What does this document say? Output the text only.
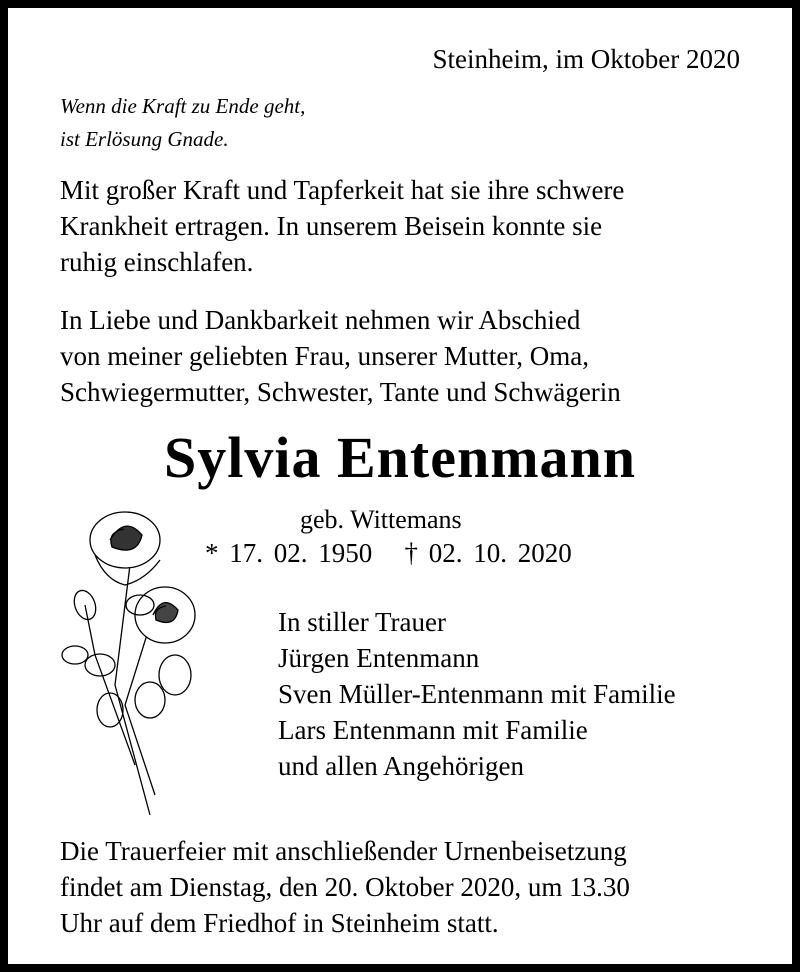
Steinheim, im Oktober 2020
Wenn die Kraft zu Ende geht,
ist Erlösung Gnade.
Mit großer Kraft und Tapferkeit hat sie ihre schwere
Krankheit ertragen. In unserem Beisein konnte sie
ruhig einschlafen.
In Liebe und Dankbarkeit nehmen wir Abschied
von meiner geliebten Frau, unserer Mutter, Oma,
Schwiegermutter, Schwester, Tante und Schwägerin
Sylvia Entenmann
geb. Wittemans
* 17. 02. 1950 † 02. 10. 2020
In stiller Trauer
Jürgen Entenmann
Sven Müller-Entenmann mit Familie
Lars Entenmann mit Familie
und allen Angehörigen
Die Trauerfeier mit anschließender Urnenbeisetzung
findet am Dienstag, den 20. Oktober 2020, um 13.30
Uhr auf dem Friedhof in Steinheim statt.
